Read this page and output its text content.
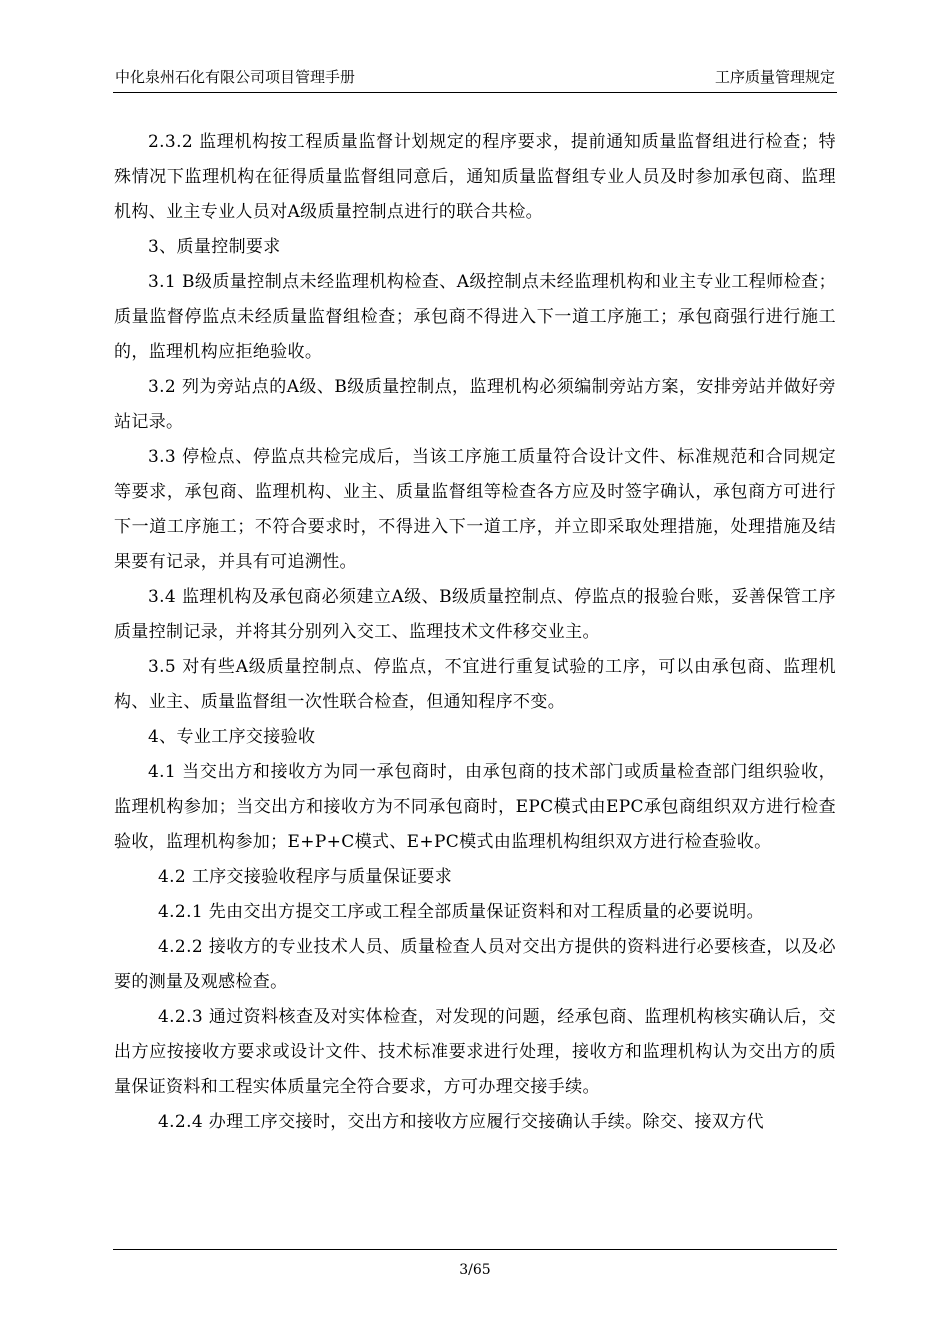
中化泉州石化有限公司项目管理手册	工序质量管理规定

2.3.2 监理机构按工程质量监督计划规定的程序要求，提前通知质量监督组进行检查；特殊情况下监理机构在征得质量监督组同意后，通知质量监督组专业人员及时参加承包商、监理机构、业主专业人员对A级质量控制点进行的联合共检。

3、质量控制要求

3.1 B级质量控制点未经监理机构检查、A级控制点未经监理机构和业主专业工程师检查；质量监督停监点未经质量监督组检查；承包商不得进入下一道工序施工；承包商强行进行施工的，监理机构应拒绝验收。

3.2 列为旁站点的A级、B级质量控制点，监理机构必须编制旁站方案，安排旁站并做好旁站记录。

3.3 停检点、停监点共检完成后，当该工序施工质量符合设计文件、标准规范和合同规定等要求，承包商、监理机构、业主、质量监督组等检查各方应及时签字确认，承包商方可进行下一道工序施工；不符合要求时，不得进入下一道工序，并立即采取处理措施，处理措施及结果要有记录，并具有可追溯性。

3.4 监理机构及承包商必须建立A级、B级质量控制点、停监点的报验台账，妥善保管工序质量控制记录，并将其分别列入交工、监理技术文件移交业主。

3.5 对有些A级质量控制点、停监点，不宜进行重复试验的工序，可以由承包商、监理机构、业主、质量监督组一次性联合检查，但通知程序不变。

4、专业工序交接验收

4.1 当交出方和接收方为同一承包商时，由承包商的技术部门或质量检查部门组织验收，监理机构参加；当交出方和接收方为不同承包商时，EPC模式由EPC承包商组织双方进行检查验收，监理机构参加；E+P+C模式、E+PC模式由监理机构组织双方进行检查验收。

4.2 工序交接验收程序与质量保证要求

4.2.1 先由交出方提交工序或工程全部质量保证资料和对工程质量的必要说明。

4.2.2 接收方的专业技术人员、质量检查人员对交出方提供的资料进行必要核查，以及必要的测量及观感检查。

4.2.3 通过资料核查及对实体检查，对发现的问题，经承包商、监理机构核实确认后，交出方应按接收方要求或设计文件、技术标准要求进行处理，接收方和监理机构认为交出方的质量保证资料和工程实体质量完全符合要求，方可办理交接手续。

4.2.4 办理工序交接时，交出方和接收方应履行交接确认手续。除交、接双方代

3/65
